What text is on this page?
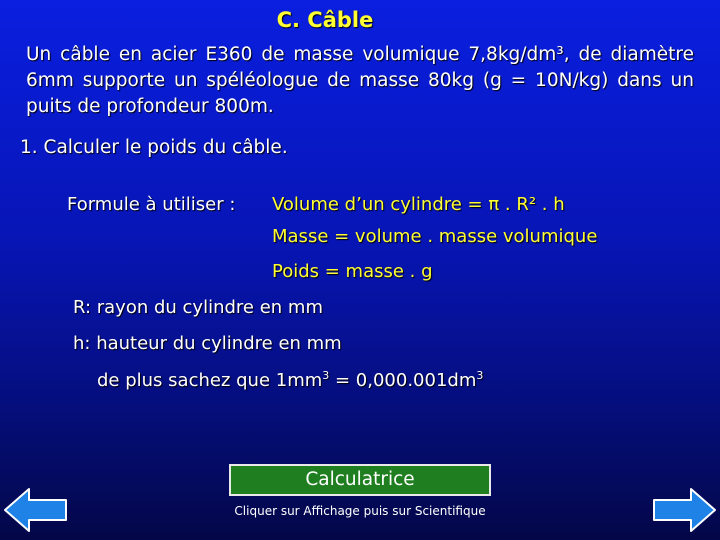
C. Câble
Un câble en acier E360 de masse volumique 7,8kg/dm³, de diamètre 6mm supporte un spéléologue de masse 80kg (g = 10N/kg) dans un puits de profondeur 800m.
1. Calculer le poids du câble.
Formule à utiliser : Volume d’un cylindre = π . R² . h
Masse = volume . masse volumique
Poids = masse . g
R: rayon du cylindre en mm
h: hauteur du cylindre en mm
de plus sachez que $1mm^3 = 0,000.001dm^3$
Calculatrice
Cliquer sur Affichage puis sur Scientifique
